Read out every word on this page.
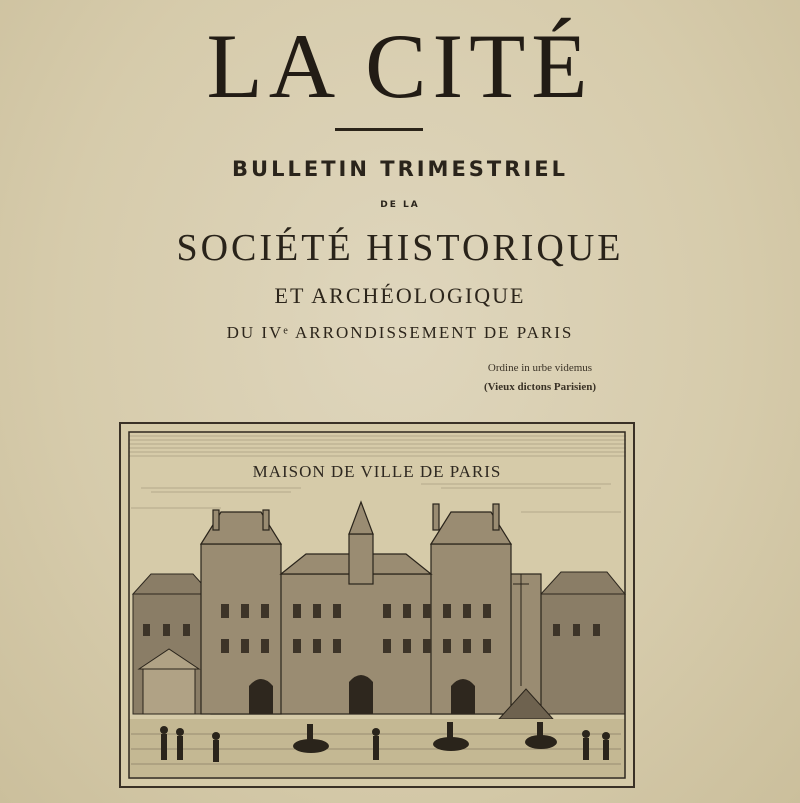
LA CITÉ
BULLETIN TRIMESTRIEL
DE LA
SOCIÉTÉ HISTORIQUE
ET ARCHÉOLOGIQUE
DU IVᵉ ARRONDISSEMENT DE PARIS
Ordine in urbe videmus
(Vieux dictons Parisien)
MAISON DE VILLE DE PARIS
